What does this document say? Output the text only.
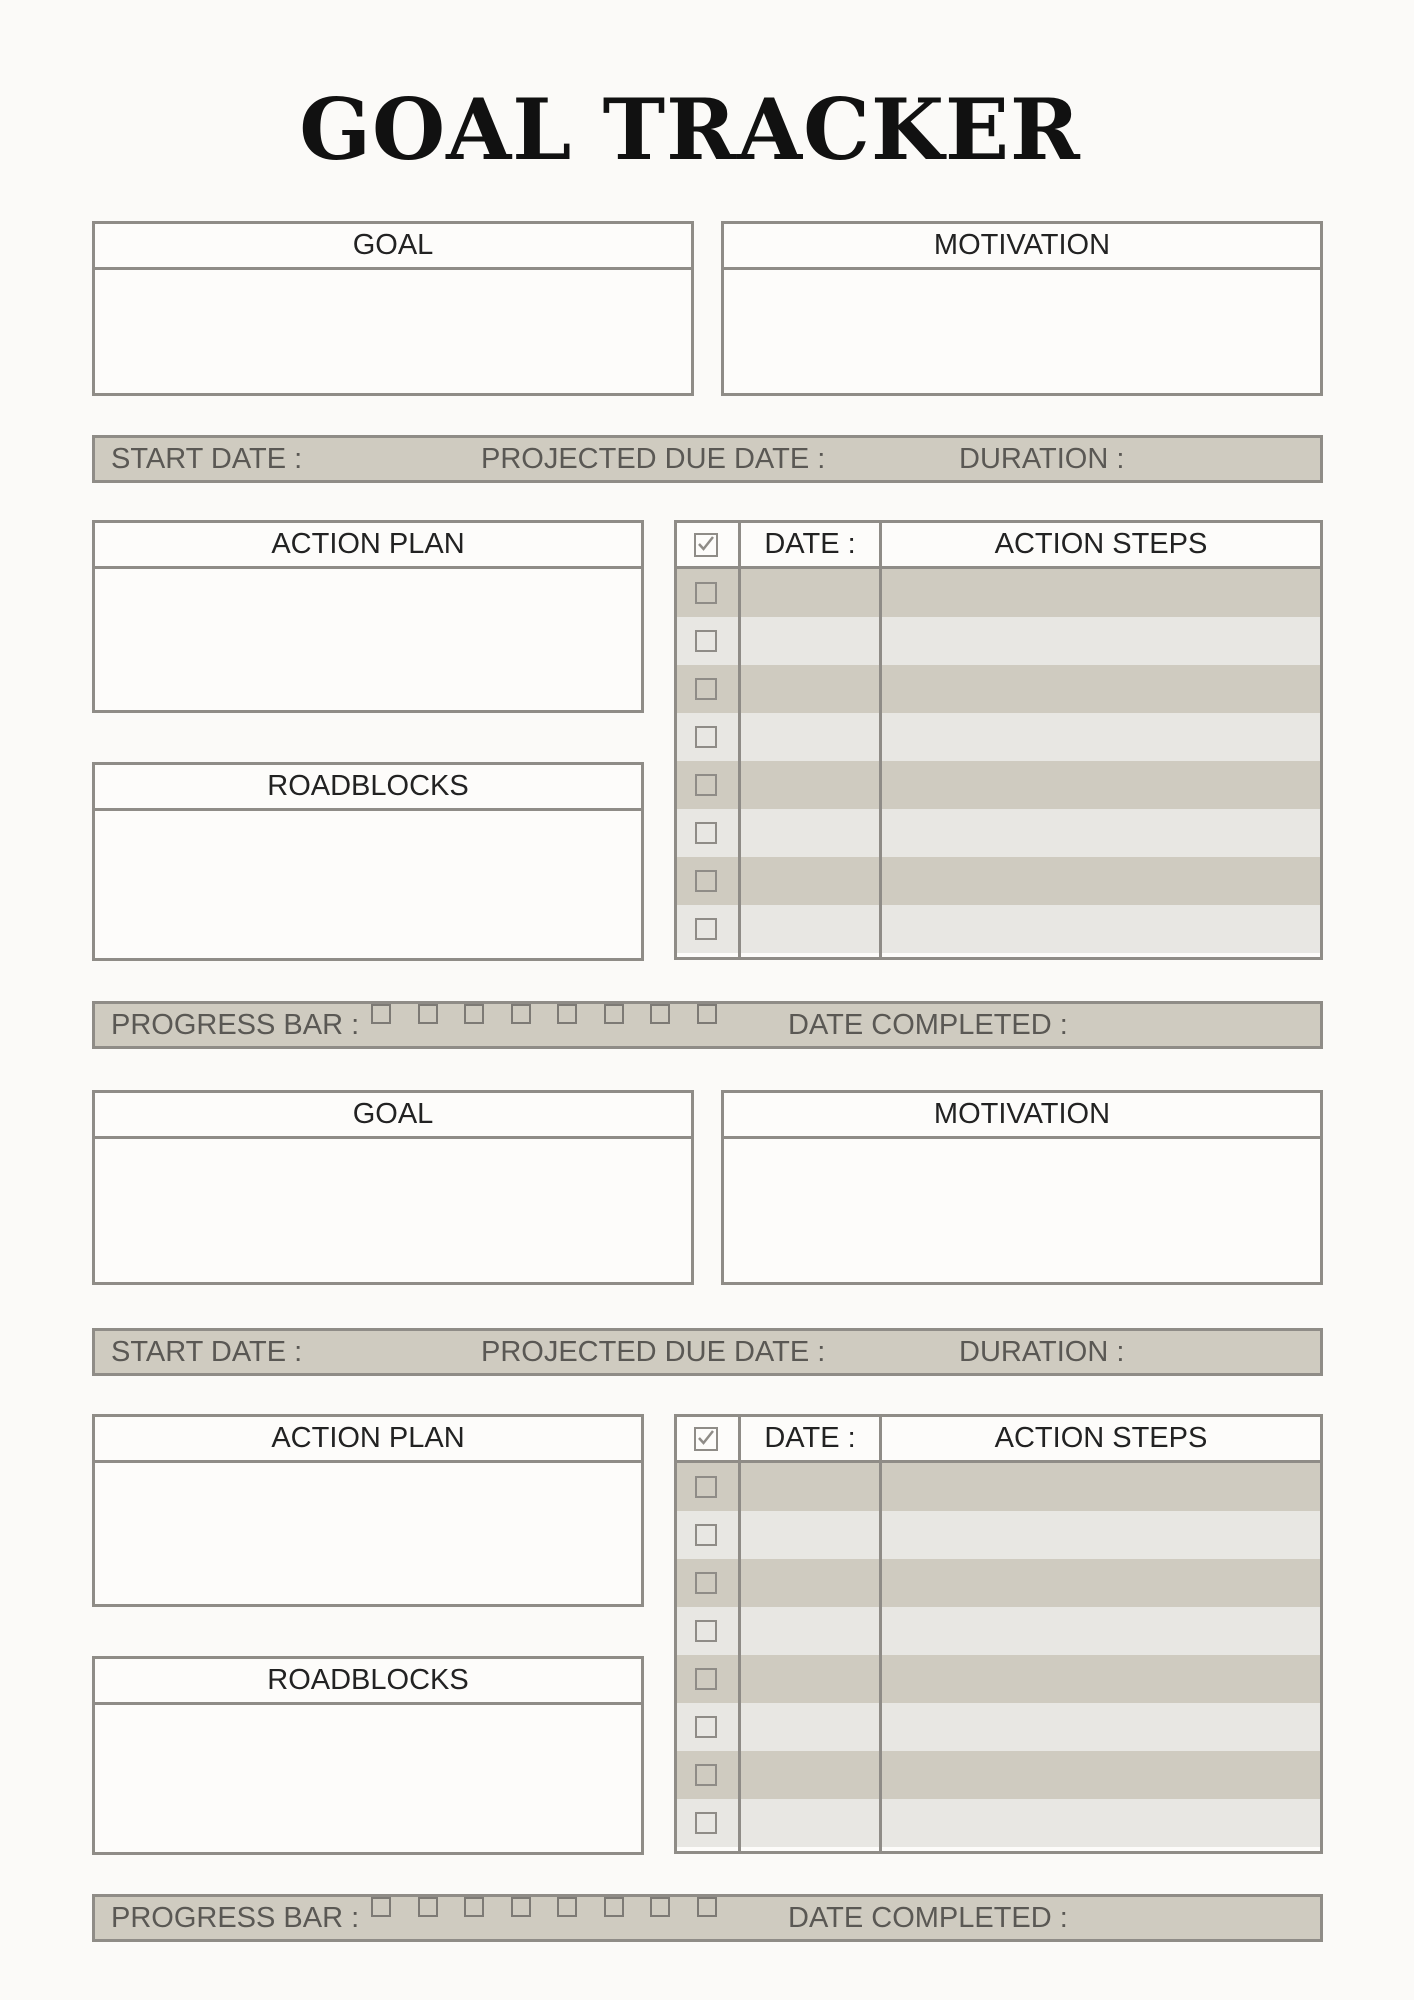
GOAL TRACKER
GOAL	MOTIVATION
START DATE :	PROJECTED DUE DATE :	DURATION :
ACTION PLAN
ROADBLOCKS
DATE :	ACTION STEPS
PROGRESS BAR :	DATE COMPLETED :
GOAL	MOTIVATION
START DATE :	PROJECTED DUE DATE :	DURATION :
ACTION PLAN
ROADBLOCKS
DATE :	ACTION STEPS
PROGRESS BAR :	DATE COMPLETED :
